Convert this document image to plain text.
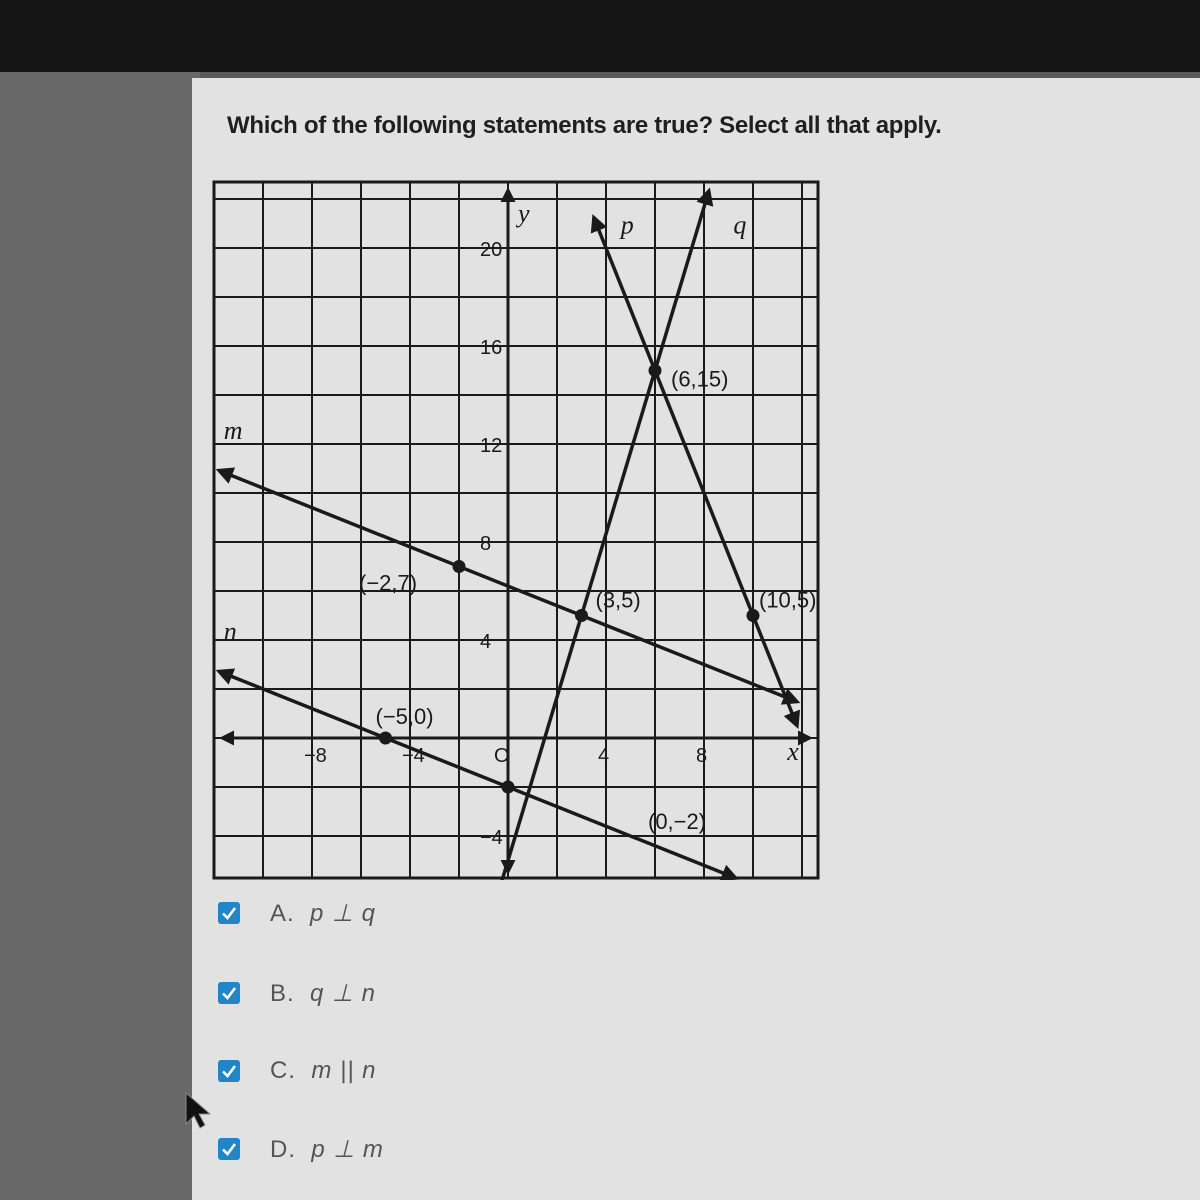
Which of the following statements are true? Select all that apply.

x
y
−8	−4	O	4	8
20
16
12
8
4
−4
m
n
p	q
(−2,7)
(3,5)
(6,15)
(10,5)
(−5,0)
(0,−2)
A. p ⊥ q
B. q ⊥ n
C. m || n
D. p ⊥ m
